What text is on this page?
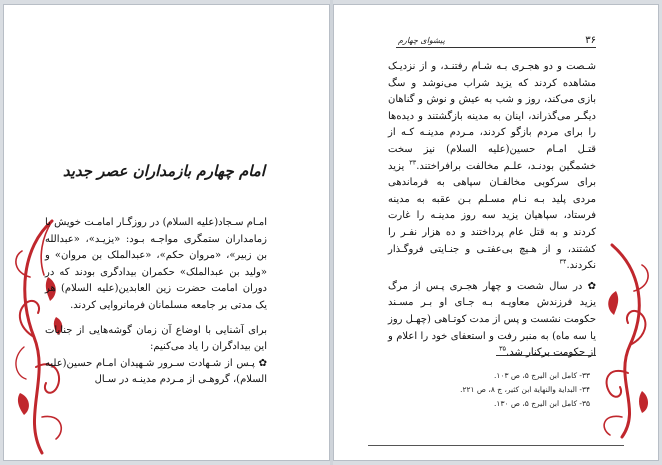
امام چهارم بازمداران عصر جدید

امـام سـجاد(علیه السلام) در روزگـار امامـت خویش با زمامداران ستمگری مواجـه بـود: «یزیـد»، «عبدالله بن زبیر»، «مروان حکم»، «عبدالملک بن مروان» و «ولید بن عبدالملک» حکمران بیدادگری بودند که در دوران امامت حضرت زین العابدین(علیه السلام) هر یک مدتی بر جامعه مسلمانان فرمانروایی کردند.

برای آشنایی با اوضاع آن زمان گوشه‌هایی از جنایات این بیدادگران را یاد می‌کنیم:

✿ پـس از شـهادت سـرور شـهیدان امـام حسین(علیه السلام)، گروهـی از مـردم مدینـه در سـال

۳۶
پیشوای چهارم

شـصت و دو هجـری بـه شـام رفتنـد، و از نزدیـک مشاهده کردند که یزید شراب می‌نوشد و سگ بازی می‌کند، روز و شب به عیش و نوش و گناهان دیگـر می‌گذراند، اینان به مدینه بازگشتند و دیده‌ها را برای مردم بازگو کردند، مـردم مدینـه کـه از قتـل امـام حسین(علیه السلام) نیز سخت خشمگین بودنـد، علـم مخالفت برافراختند.$^{۳۳}$ یزید برای سرکوبی مخالفـان سپاهی به فرماندهی مردی پلید بـه نـام مسـلم بـن عقبه به مدینه فرستاد، سپاهیان یزید سه روز مدینـه را غارت کردند و به قتل عام پرداختند و ده هزار نفـر را کشتند، و از هـیچ بی‌عفتـی و جنـایتی فروگـذار نکردند.$^{۳۴}$

✿ در سال شصت و چهار هجـری پـس از مرگ یزید فرزندش معاویـه بـه جـای او بـر مسـند حکومت نشست و پس از مدت کوتـاهی (چهـل روز یا سه ماه) به منبر رفت و استعفای خود را اعلام و از حکومت برکنار شد.$^{۳۵}$

۳۳- کامل ابن الیرج ۵، ص ۱۰۳.
۳۴- البدایة والنهایة ابن کثیر، ج ۸، ص ۲۲۱.
۳۵- کامل ابن الیرج ۵، ص ۱۳۰.
